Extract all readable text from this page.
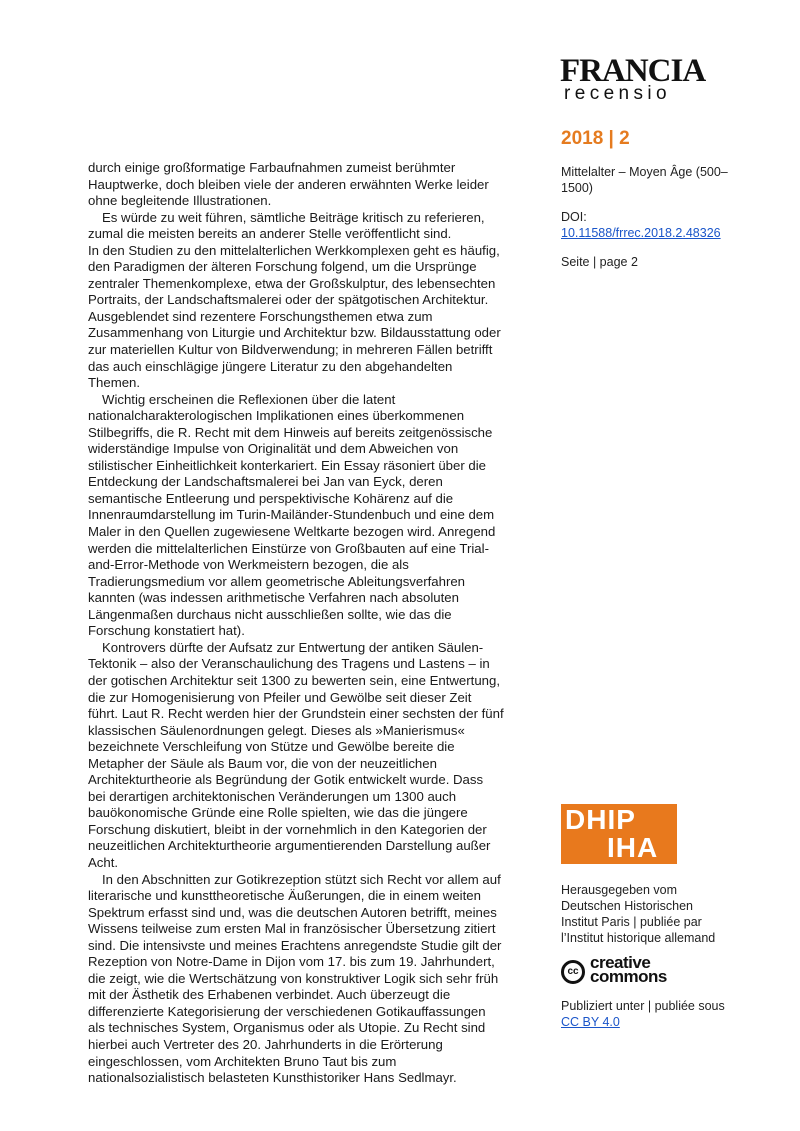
FRANCIA
recensio
2018 | 2
Mittelalter – Moyen Âge (500–1500)
DOI:
10.11588/frrec.2018.2.48326
Seite | page 2

durch einige großformatige Farbaufnahmen zumeist berühmter Hauptwerke, doch bleiben viele der anderen erwähnten Werke leider ohne begleitende Illustrationen.

Es würde zu weit führen, sämtliche Beiträge kritisch zu referieren, zumal die meisten bereits an anderer Stelle veröffentlicht sind.

In den Studien zu den mittelalterlichen Werkkomplexen geht es häufig, den Paradigmen der älteren Forschung folgend, um die Ursprünge zentraler Themenkomplexe, etwa der Großskulptur, des lebensechten Portraits, der Landschaftsmalerei oder der spätgotischen Architektur. Ausgeblendet sind rezentere Forschungsthemen etwa zum Zusammenhang von Liturgie und Architektur bzw. Bildausstattung oder zur materiellen Kultur von Bildverwendung; in mehreren Fällen betrifft das auch einschlägige jüngere Literatur zu den abgehandelten Themen.

Wichtig erscheinen die Reflexionen über die latent nationalcharakterologischen Implikationen eines überkommenen Stilbegriffs, die R. Recht mit dem Hinweis auf bereits zeitgenössische widerständige Impulse von Originalität und dem Abweichen von stilistischer Einheitlichkeit konterkariert. Ein Essay räsoniert über die Entdeckung der Landschaftsmalerei bei Jan van Eyck, deren semantische Entleerung und perspektivische Kohärenz auf die Innenraumdarstellung im Turin-Mailänder-Stundenbuch und eine dem Maler in den Quellen zugewiesene Weltkarte bezogen wird. Anregend werden die mittelalterlichen Einstürze von Großbauten auf eine Trial-and-Error-Methode von Werkmeistern bezogen, die als Tradierungsmedium vor allem geometrische Ableitungsverfahren kannten (was indessen arithmetische Verfahren nach absoluten Längenmaßen durchaus nicht ausschließen sollte, wie das die Forschung konstatiert hat).

Kontrovers dürfte der Aufsatz zur Entwertung der antiken Säulen-Tektonik – also der Veranschaulichung des Tragens und Lastens – in der gotischen Architektur seit 1300 zu bewerten sein, eine Entwertung, die zur Homogenisierung von Pfeiler und Gewölbe seit dieser Zeit führt. Laut R. Recht werden hier der Grundstein einer sechsten der fünf klassischen Säulenordnungen gelegt. Dieses als »Manierismus« bezeichnete Verschleifung von Stütze und Gewölbe bereite die Metapher der Säule als Baum vor, die von der neuzeitlichen Architekturtheorie als Begründung der Gotik entwickelt wurde. Dass bei derartigen architektonischen Veränderungen um 1300 auch bauökonomische Gründe eine Rolle spielten, wie das die jüngere Forschung diskutiert, bleibt in der vornehmlich in den Kategorien der neuzeitlichen Architekturtheorie argumentierenden Darstellung außer Acht.

In den Abschnitten zur Gotikrezeption stützt sich Recht vor allem auf literarische und kunsttheoretische Äußerungen, die in einem weiten Spektrum erfasst sind und, was die deutschen Autoren betrifft, meines Wissens teilweise zum ersten Mal in französischer Übersetzung zitiert sind. Die intensivste und meines Erachtens anregendste Studie gilt der Rezeption von Notre-Dame in Dijon vom 17. bis zum 19. Jahrhundert, die zeigt, wie die Wertschätzung von konstruktiver Logik sich sehr früh mit der Ästhetik des Erhabenen verbindet. Auch überzeugt die differenzierte Kategorisierung der verschiedenen Gotikauffassungen als technisches System, Organismus oder als Utopie. Zu Recht sind hierbei auch Vertreter des 20. Jahrhunderts in die Erörterung eingeschlossen, vom Architekten Bruno Taut bis zum nationalsozialistisch belasteten Kunsthistoriker Hans Sedlmayr.

DHIP
IHA
Herausgegeben vom Deutschen Historischen Institut Paris | publiée par l’Institut historique allemand
cc creative
commons
Publiziert unter | publiée sous
CC BY 4.0
